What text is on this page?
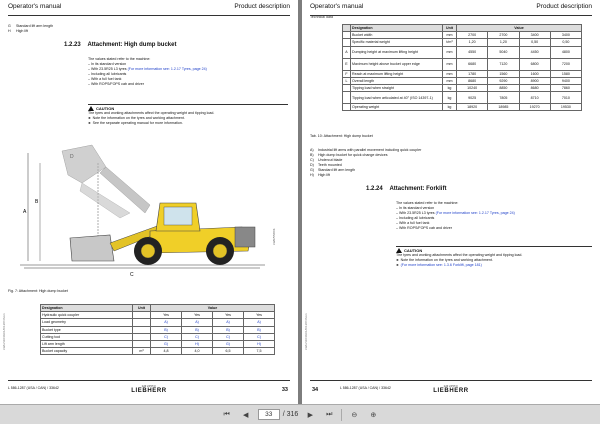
Operator's manual	Product description
G Standard lift arm length
H High lift
1.2.23 Attachment: High dump bucket
The values stated refer to the machine:
– In its standard version
– With 23.5R25 L3 tyres (For more information see: 1.2.17 Tyres, page 24)
– Including all lubricants
– With a full fuel tank
– With ROPS/FOPS cab and driver
CAUTION
The tyres and working attachments affect the operating weight and tipping load.
► Note the information on the tyres and working attachment.
► See the separate operating manual for more information.
A
B
C
LWR/5568/b
Fig. 7: Attachment: High dump bucket
Designation	Unit	Value			
Hydraulic quick coupler		Yes	Yes	Yes	Yes
Load geometry		A)	A)	A)	A)
Bucket type		B)	B)	B)	B)
Cutting tool		C)	C)	C)	C)
Lift arm length		G)	H)	G)	H)
Bucket capacity	m³	4,8	4,0	6,5	7,5
LWH/110402/1/0/1287/A/en
L 586-1287 (USA / CAN) / 33642	GRUPPO
LIEBHERR	33
Operator's manual	Product description
Technical data
	Designation	Unit	Value			
	Bucket width	mm	2700	2700	3400	3400
	Specific material weight	t/m³	1,20	1,20	0,50	0,50
A	Dumping height at maximum lifting height	mm	4550	5040	4450	4800
E	Maximum height above bucket upper edge	mm	6680	7120	6800	7200
F	Reach at maximum lifting height	mm	1780	1560	1600	1580
L	Overall length	mm	8680	9290	8900	9400
	Tipping load when straight	kg	10240	8850	8680	7860
	Tipping load when articulated at 40° (ISO 14397-1)	kg	9025	7805	8710	7010
	Operating weight	kg	18920	18985	19270	19530
Tab. 10: Attachment: High dump bucket
A) Industrial lift arms with parallel movement including quick coupler
B) High dump bucket for quick change devices
C) Undercut blade
D) Teeth mounted
G) Standard lift arm length
H) High lift
1.2.24 Attachment: Forklift
The values stated refer to the machine:
– In its standard version
– With 23.5R25 L3 tyres (For more information see: 1.2.17 Tyres, page 24)
– Including all lubricants
– With a full fuel tank
– With ROPS/FOPS cab and driver
CAUTION
The tyres and working attachments affect the operating weight and tipping load.
► Note the information on the tyres and working attachment.
► (For more information see: 1.3.6 Forklift, page 181)
LWH/110402/1/0/1287/A/en
L 586-1287 (USA / CAN) / 33642	GRUPPO
LIEBHERR
34
⏮	◀	33	/ 316	▶	⏭	⊖	⊕
